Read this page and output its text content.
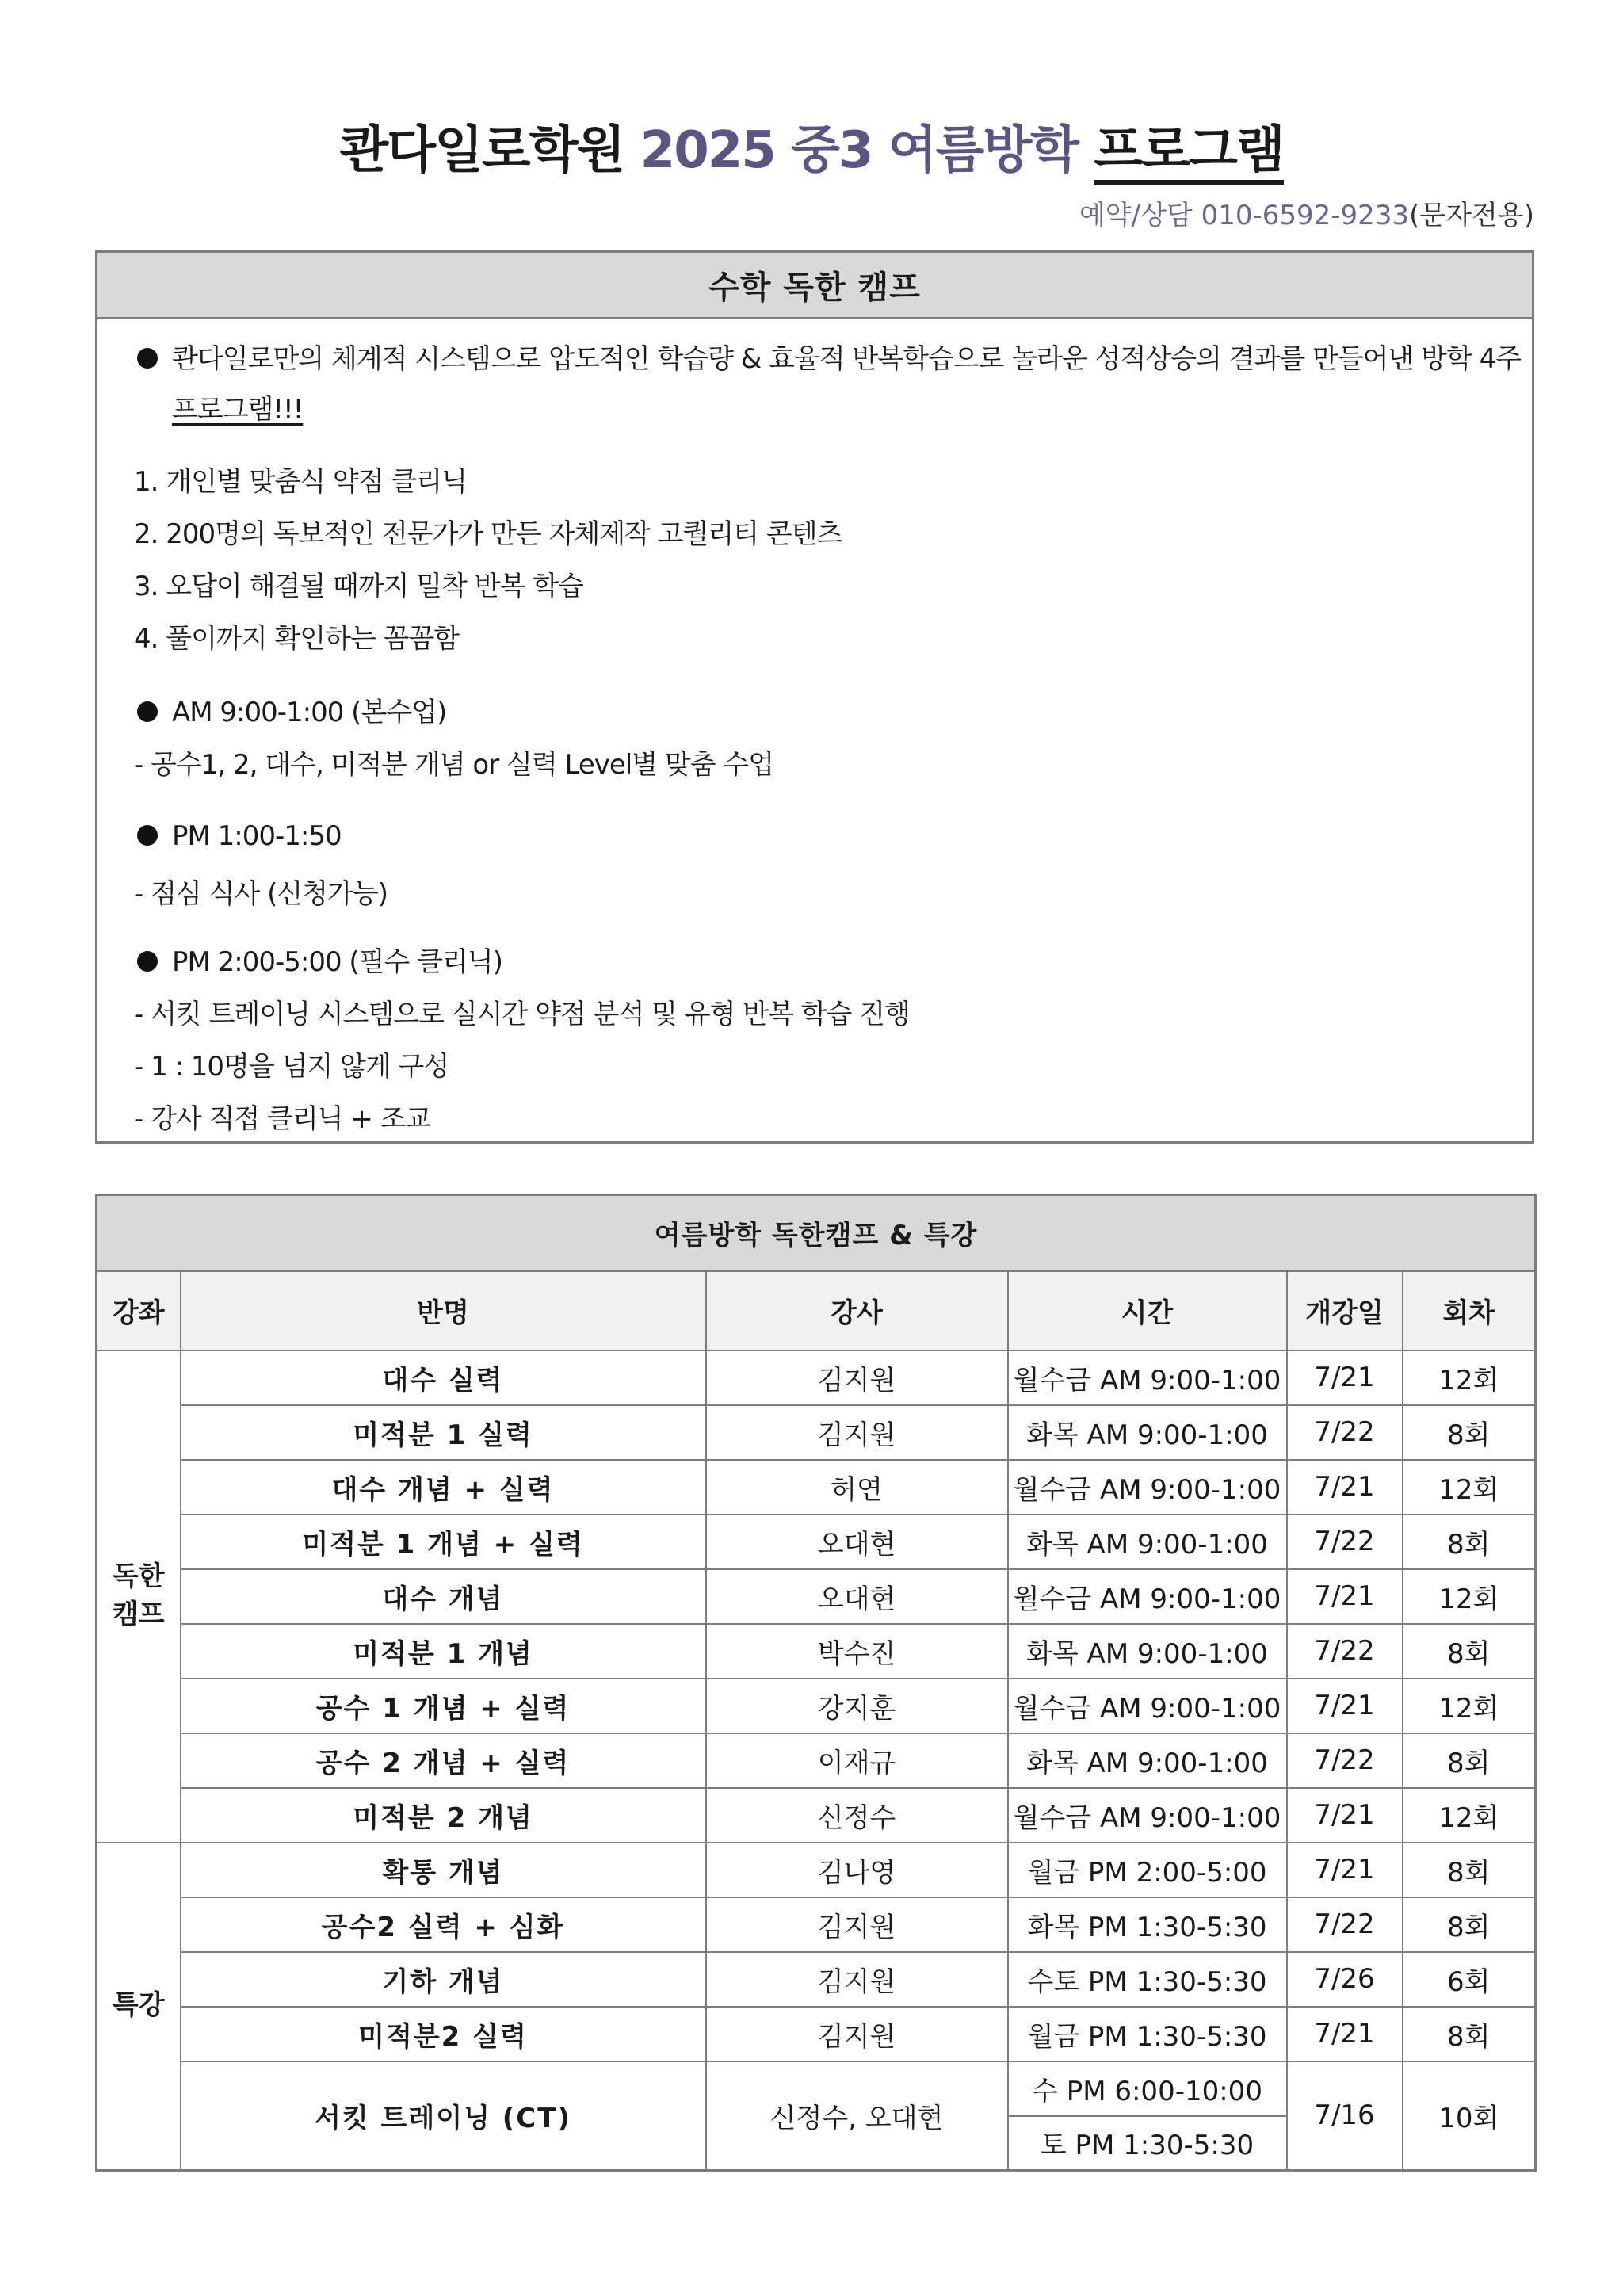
콴다일로학원 2025 중3 여름방학 프로그램
예약/상담 010-6592-9233(문자전용)
수학 독한 캠프
콴다일로만의 체계적 시스템으로 압도적인 학습량 & 효율적 반복학습으로 놀라운 성적상승의 결과를 만들어낸 방학 4주
프로그램!!!
1. 개인별 맞춤식 약점 클리닉
2. 200명의 독보적인 전문가가 만든 자체제작 고퀄리티 콘텐츠
3. 오답이 해결될 때까지 밀착 반복 학습
4. 풀이까지 확인하는 꼼꼼함
AM 9:00-1:00 (본수업)
- 공수1, 2, 대수, 미적분 개념 or 실력 Level별 맞춤 수업
PM 1:00-1:50
- 점심 식사 (신청가능)
PM 2:00-5:00 (필수 클리닉)
- 서킷 트레이닝 시스템으로 실시간 약점 분석 및 유형 반복 학습 진행
- 1 : 10명을 넘지 않게 구성
- 강사 직접 클리닉 + 조교
여름방학 독한캠프 & 특강					
강좌	반명	강사	시간	개강일	회차
독한
캠프	대수 실력	김지원	월수금 AM 9:00-1:00	7/21	12회
	미적분 1 실력	김지원	화목 AM 9:00-1:00	7/22	8회
	대수 개념 + 실력	허연	월수금 AM 9:00-1:00	7/21	12회
	미적분 1 개념 + 실력	오대현	화목 AM 9:00-1:00	7/22	8회
	대수 개념	오대현	월수금 AM 9:00-1:00	7/21	12회
	미적분 1 개념	박수진	화목 AM 9:00-1:00	7/22	8회
	공수 1 개념 + 실력	강지훈	월수금 AM 9:00-1:00	7/21	12회
	공수 2 개념 + 실력	이재규	화목 AM 9:00-1:00	7/22	8회
	미적분 2 개념	신정수	월수금 AM 9:00-1:00	7/21	12회
특강	확통 개념	김나영	월금 PM 2:00-5:00	7/21	8회
	공수2 실력 + 심화	김지원	화목 PM 1:30-5:30	7/22	8회
	기하 개념	김지원	수토 PM 1:30-5:30	7/26	6회
	미적분2 실력	김지원	월금 PM 1:30-5:30	7/21	8회
	서킷 트레이닝 (CT)	신정수, 오대현	수 PM 6:00-10:00	7/16	10회
			토 PM 1:30-5:30		
